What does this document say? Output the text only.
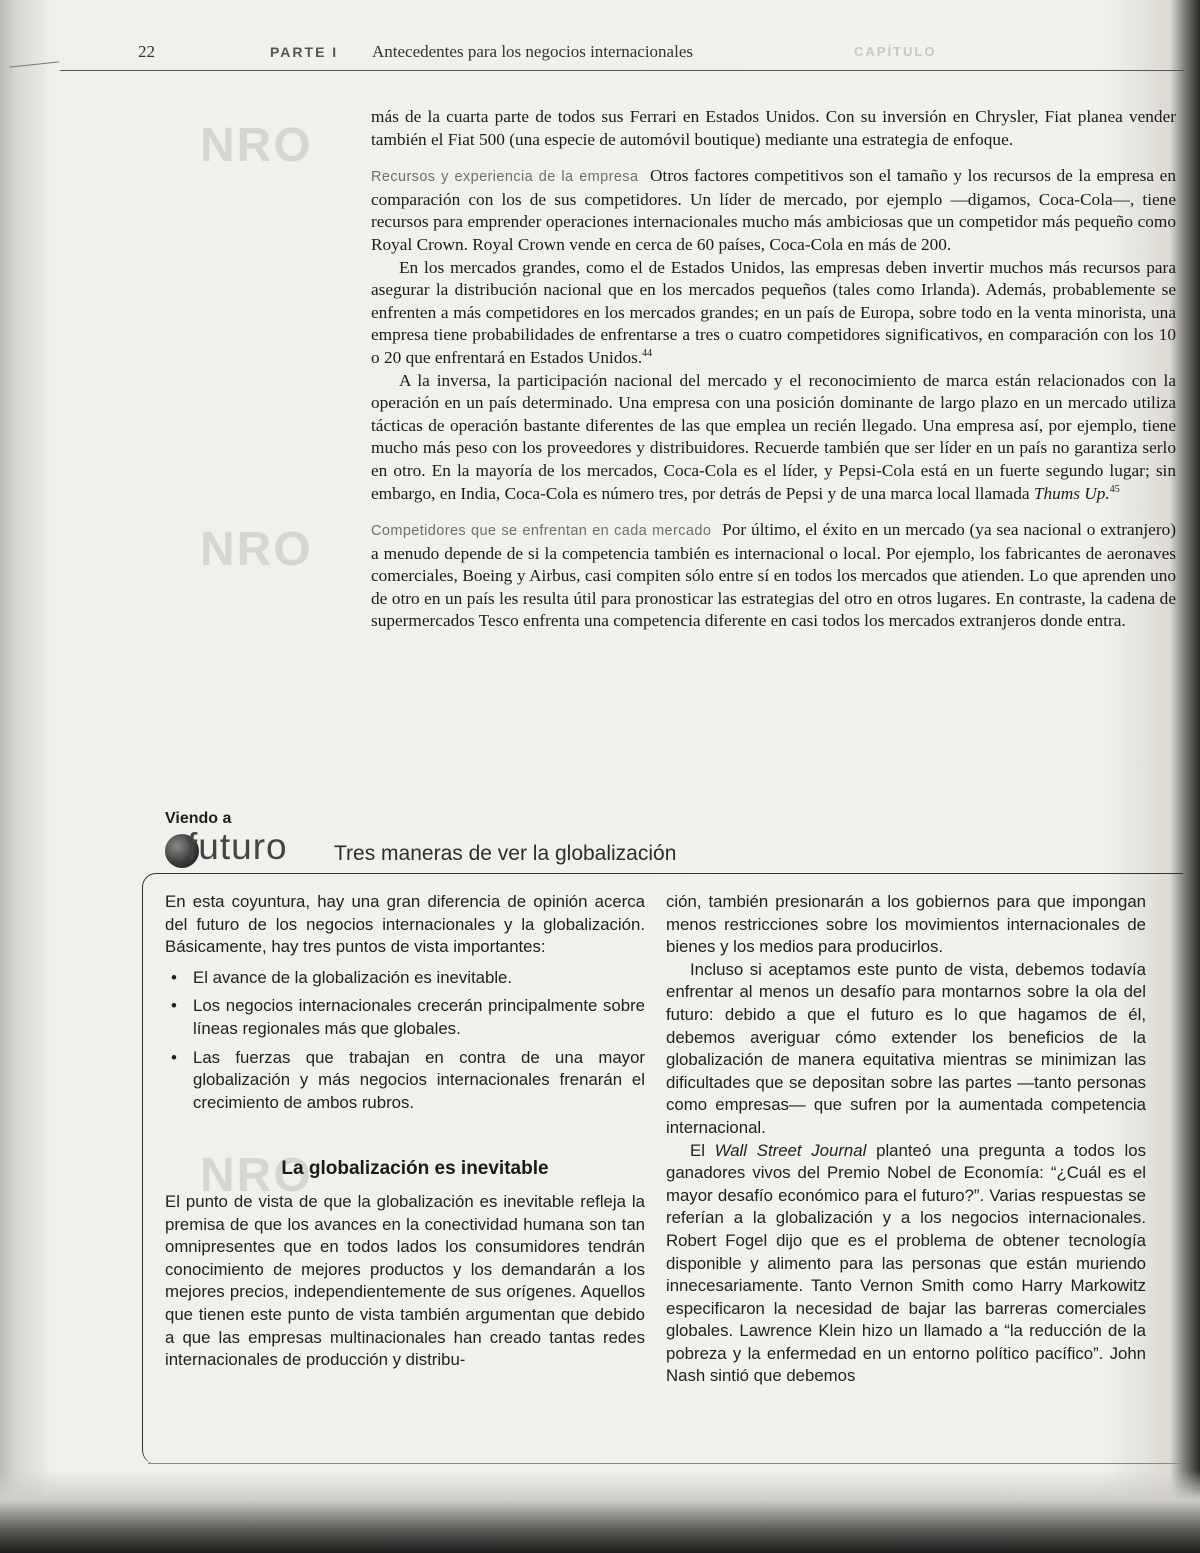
22	PARTE I Antecedentes para los negocios internacionales	CAPÍTULO
NRO
NRO
NRO

más de la cuarta parte de todos sus Ferrari en Estados Unidos. Con su inversión en Chrysler, Fiat planea vender también el Fiat 500 (una especie de automóvil boutique) mediante una estrategia de enfoque.

Recursos y experiencia de la empresa Otros factores competitivos son el tamaño y los recursos de la empresa en comparación con los de sus competidores. Un líder de mercado, por ejemplo —digamos, Coca-Cola—, tiene recursos para emprender operaciones internacionales mucho más ambiciosas que un competidor más pequeño como Royal Crown. Royal Crown vende en cerca de 60 países, Coca-Cola en más de 200.

En los mercados grandes, como el de Estados Unidos, las empresas deben invertir muchos más recursos para asegurar la distribución nacional que en los mercados pequeños (tales como Irlanda). Además, probablemente se enfrenten a más competidores en los mercados grandes; en un país de Europa, sobre todo en la venta minorista, una empresa tiene probabilidades de enfrentarse a tres o cuatro competidores significativos, en comparación con los 10 o 20 que enfrentará en Estados Unidos.$^{44}$

A la inversa, la participación nacional del mercado y el reconocimiento de marca están relacionados con la operación en un país determinado. Una empresa con una posición dominante de largo plazo en un mercado utiliza tácticas de operación bastante diferentes de las que emplea un recién llegado. Una empresa así, por ejemplo, tiene mucho más peso con los proveedores y distribuidores. Recuerde también que ser líder en un país no garantiza serlo en otro. En la mayoría de los mercados, Coca-Cola es el líder, y Pepsi-Cola está en un fuerte segundo lugar; sin embargo, en India, Coca-Cola es número tres, por detrás de Pepsi y de una marca local llamada Thums Up.$^{45}$

Competidores que se enfrentan en cada mercado Por último, el éxito en un mercado (ya sea nacional o extranjero) a menudo depende de si la competencia también es internacional o local. Por ejemplo, los fabricantes de aeronaves comerciales, Boeing y Airbus, casi compiten sólo entre sí en todos los mercados que atienden. Lo que aprenden uno de otro en un país les resulta útil para pronosticar las estrategias del otro en otros lugares. En contraste, la cadena de supermercados Tesco enfrenta una competencia diferente en casi todos los mercados extranjeros donde entra.

Viendo a
futuro Tres maneras de ver la globalización

En esta coyuntura, hay una gran diferencia de opinión acerca del futuro de los negocios internacionales y la globalización. Básicamente, hay tres puntos de vista importantes:

• El avance de la globalización es inevitable.
• Los negocios internacionales crecerán principalmente sobre líneas regionales más que globales.
• Las fuerzas que trabajan en contra de una mayor globalización y más negocios internacionales frenarán el crecimiento de ambos rubros.
La globalización es inevitable

El punto de vista de que la globalización es inevitable refleja la premisa de que los avances en la conectividad humana son tan omnipresentes que en todos lados los consumidores tendrán conocimiento de mejores productos y los demandarán a los mejores precios, independientemente de sus orígenes. Aquellos que tienen este punto de vista también argumentan que debido a que las empresas multinacionales han creado tantas redes internacionales de producción y distribu-

ción, también presionarán a los gobiernos para que impongan menos restricciones sobre los movimientos internacionales de bienes y los medios para producirlos.

Incluso si aceptamos este punto de vista, debemos todavía enfrentar al menos un desafío para montarnos sobre la ola del futuro: debido a que el futuro es lo que hagamos de él, debemos averiguar cómo extender los beneficios de la globalización de manera equitativa mientras se minimizan las dificultades que se depositan sobre las partes —tanto personas como empresas— que sufren por la aumentada competencia internacional.

El Wall Street Journal planteó una pregunta a todos los ganadores vivos del Premio Nobel de Economía: “¿Cuál es el mayor desafío económico para el futuro?”. Varias respuestas se referían a la globalización y a los negocios internacionales. Robert Fogel dijo que es el problema de obtener tecnología disponible y alimento para las personas que están muriendo innecesariamente. Tanto Vernon Smith como Harry Markowitz especificaron la necesidad de bajar las barreras comerciales globales. Lawrence Klein hizo un llamado a “la reducción de la pobreza y la enfermedad en un entorno político pacífico”. John Nash sintió que debemos
